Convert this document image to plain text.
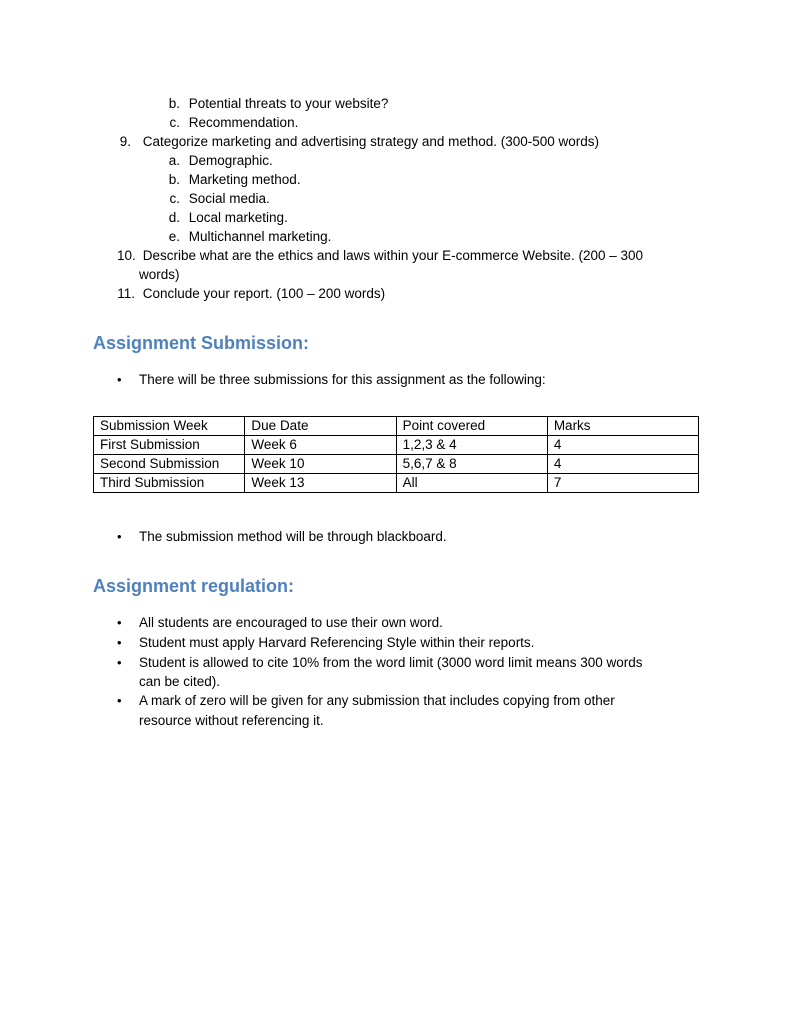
b. Potential threats to your website?
c. Recommendation.
9. Categorize marketing and advertising strategy and method. (300-500 words)
a. Demographic.
b. Marketing method.
c. Social media.
d. Local marketing.
e. Multichannel marketing.
10. Describe what are the ethics and laws within your E-commerce Website. (200 – 300
words)
11. Conclude your report. (100 – 200 words)
Assignment Submission:
• There will be three submissions for this assignment as the following:
Submission Week	Due Date	Point covered	Marks
First Submission	Week 6	1,2,3 & 4	4
Second Submission	Week 10	5,6,7 & 8	4
Third Submission	Week 13	All	7
• The submission method will be through blackboard.
Assignment regulation:
• All students are encouraged to use their own word.
• Student must apply Harvard Referencing Style within their reports.
• Student is allowed to cite 10% from the word limit (3000 word limit means 300 words
can be cited).
• A mark of zero will be given for any submission that includes copying from other
resource without referencing it.
